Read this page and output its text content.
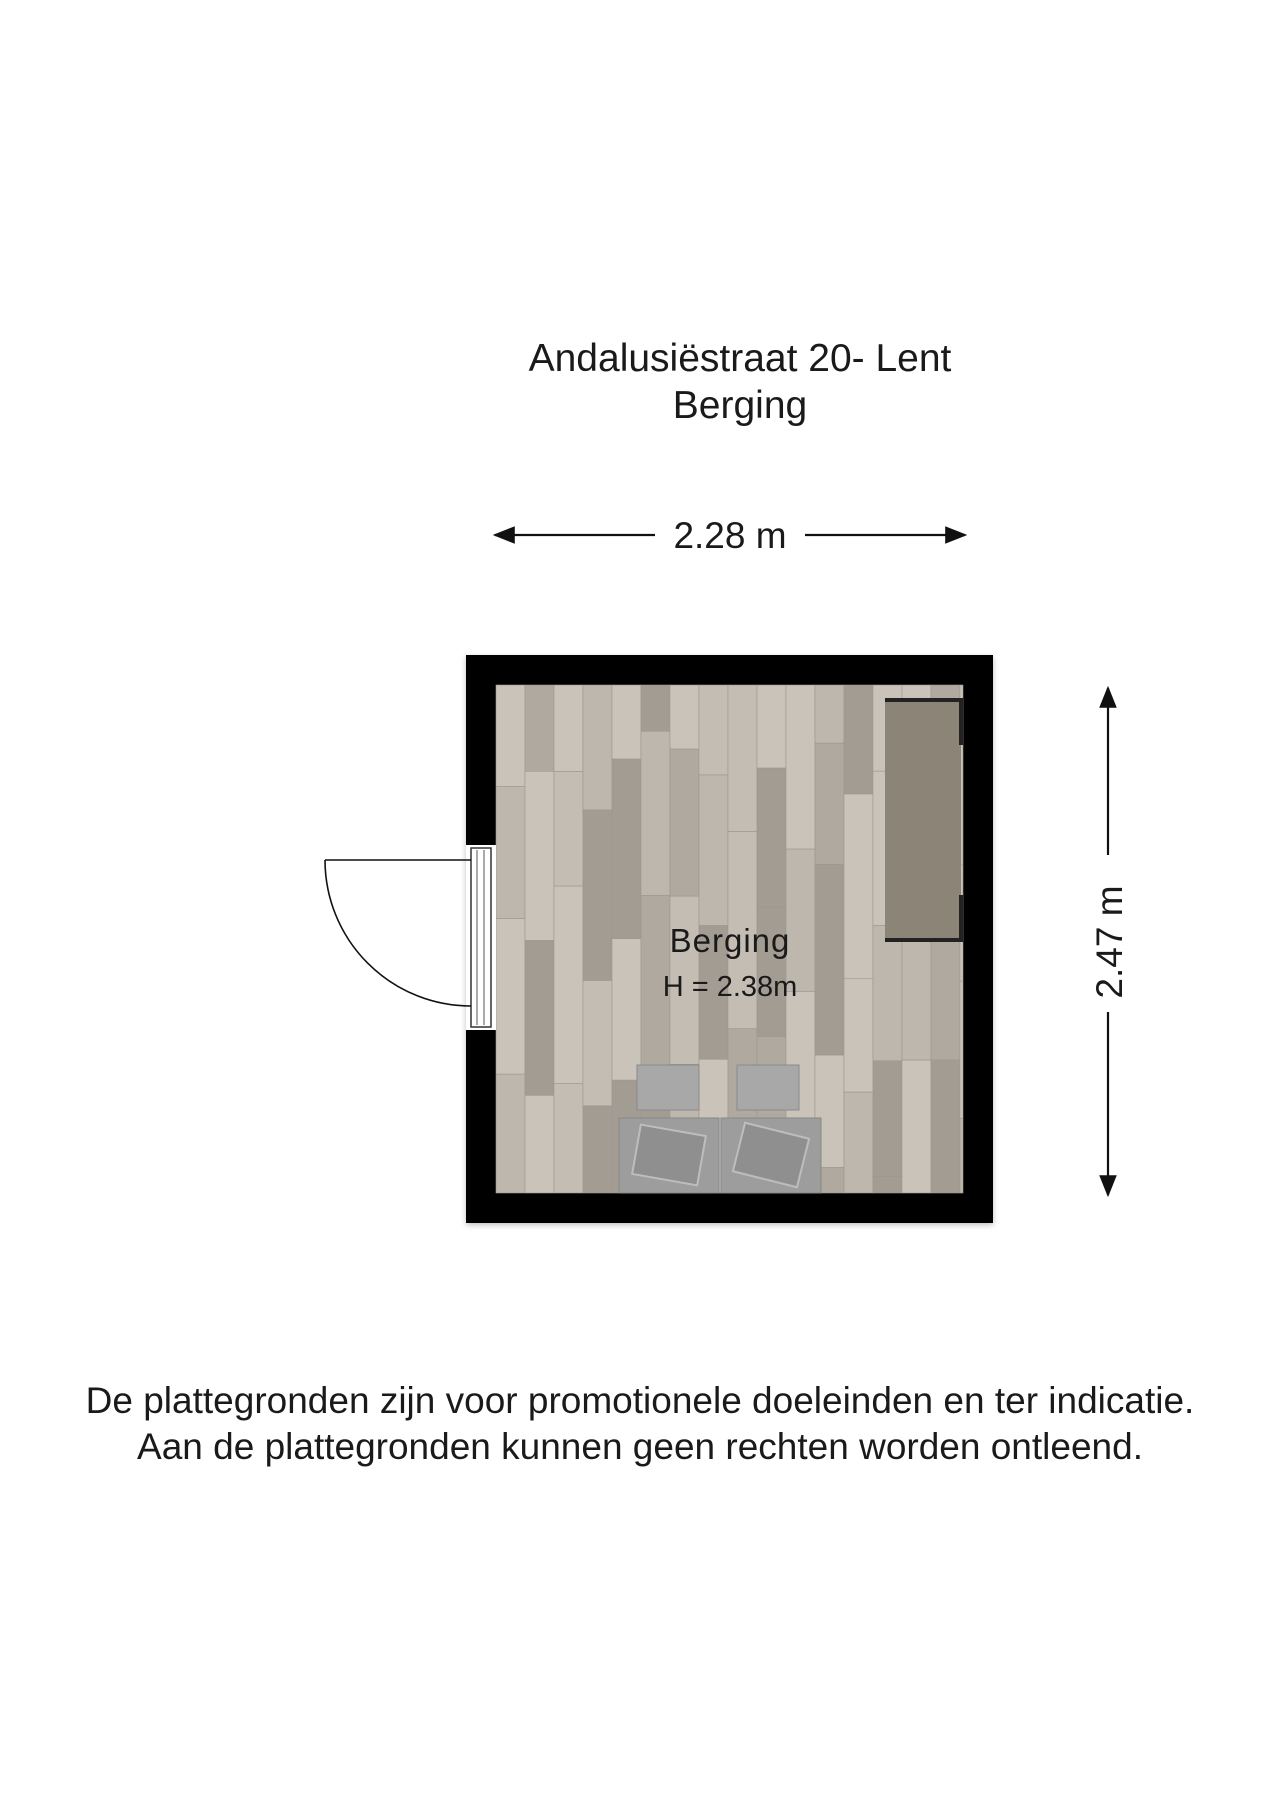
Andalusiëstraat 20- Lent
Berging
2.28 m
2.47 m
Berging
H = 2.38m
De plattegronden zijn voor promotionele doeleinden en ter indicatie.
Aan de plattegronden kunnen geen rechten worden ontleend.
